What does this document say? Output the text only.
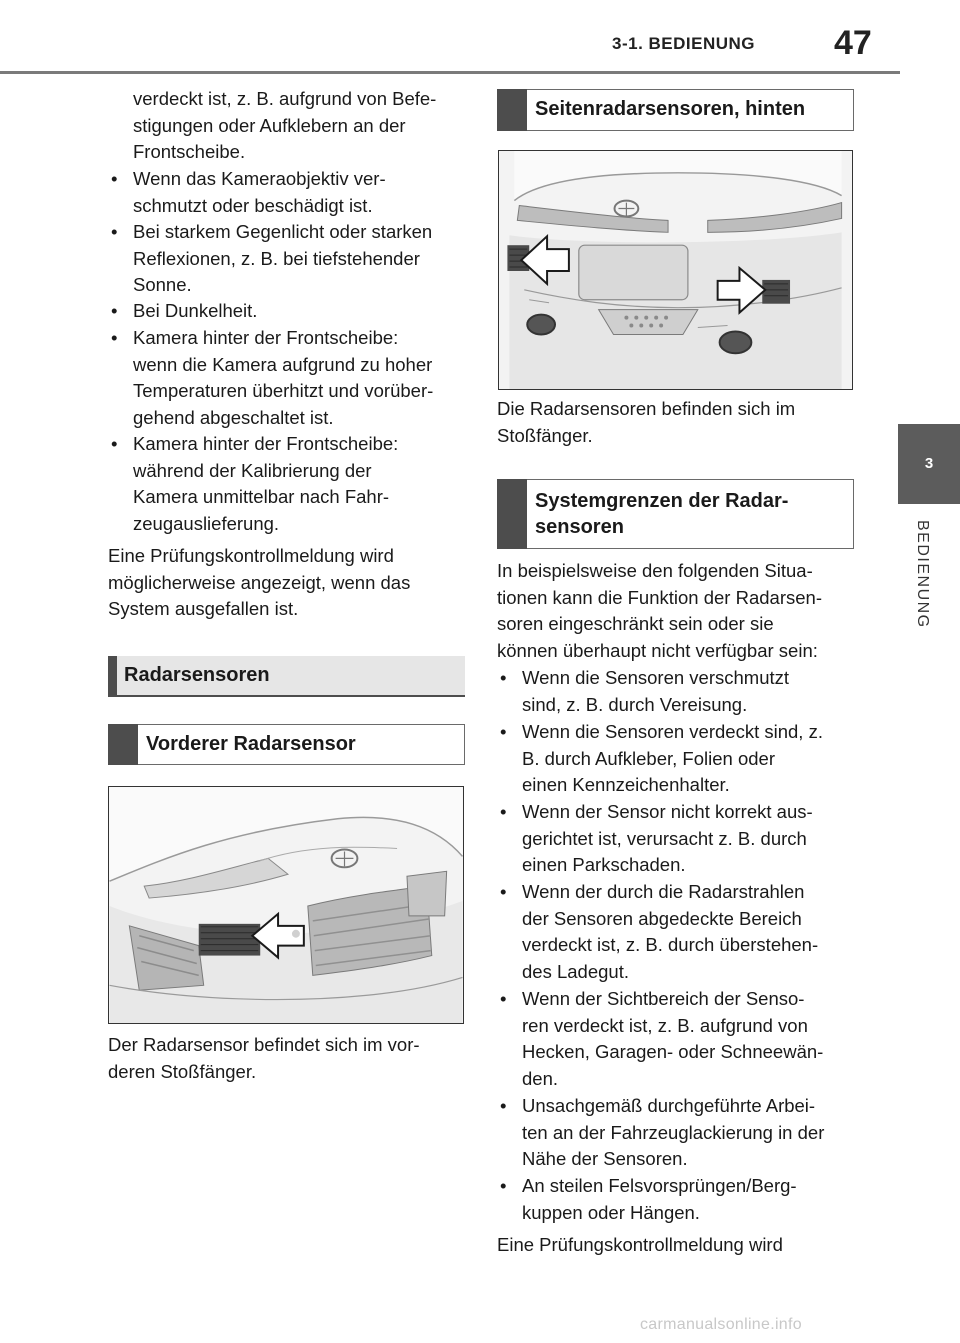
3-1. BEDIENUNG 47
3
BEDIENUNG
verdeckt ist, z. B. aufgrund von Befe-
stigungen oder Aufklebern an der
Frontscheibe.
• Wenn das Kameraobjektiv ver-
schmutzt oder beschädigt ist.
• Bei starkem Gegenlicht oder starken
Reflexionen, z. B. bei tiefstehender
Sonne.
• Bei Dunkelheit.
• Kamera hinter der Frontscheibe:
wenn die Kamera aufgrund zu hoher
Temperaturen überhitzt und vorüber-
gehend abgeschaltet ist.
• Kamera hinter der Frontscheibe:
während der Kalibrierung der
Kamera unmittelbar nach Fahr-
zeugauslieferung.
Eine Prüfungskontrollmeldung wird
möglicherweise angezeigt, wenn das
System ausgefallen ist.
Radarsensoren
Vorderer Radarsensor
Der Radarsensor befindet sich im vor-
deren Stoßfänger.
Seitenradarsensoren, hinten
Die Radarsensoren befinden sich im
Stoßfänger.
Systemgrenzen der Radar-
sensoren
In beispielsweise den folgenden Situa-
tionen kann die Funktion der Radarsen-
soren eingeschränkt sein oder sie
können überhaupt nicht verfügbar sein:
• Wenn die Sensoren verschmutzt
sind, z. B. durch Vereisung.
• Wenn die Sensoren verdeckt sind, z.
B. durch Aufkleber, Folien oder
einen Kennzeichenhalter.
• Wenn der Sensor nicht korrekt aus-
gerichtet ist, verursacht z. B. durch
einen Parkschaden.
• Wenn der durch die Radarstrahlen
der Sensoren abgedeckte Bereich
verdeckt ist, z. B. durch überstehen-
des Ladegut.
• Wenn der Sichtbereich der Senso-
ren verdeckt ist, z. B. aufgrund von
Hecken, Garagen- oder Schneewän-
den.
• Unsachgemäß durchgeführte Arbei-
ten an der Fahrzeuglackierung in der
Nähe der Sensoren.
• An steilen Felsvorsprüngen/Berg-
kuppen oder Hängen.
Eine Prüfungskontrollmeldung wird
carmanualsonline.info
